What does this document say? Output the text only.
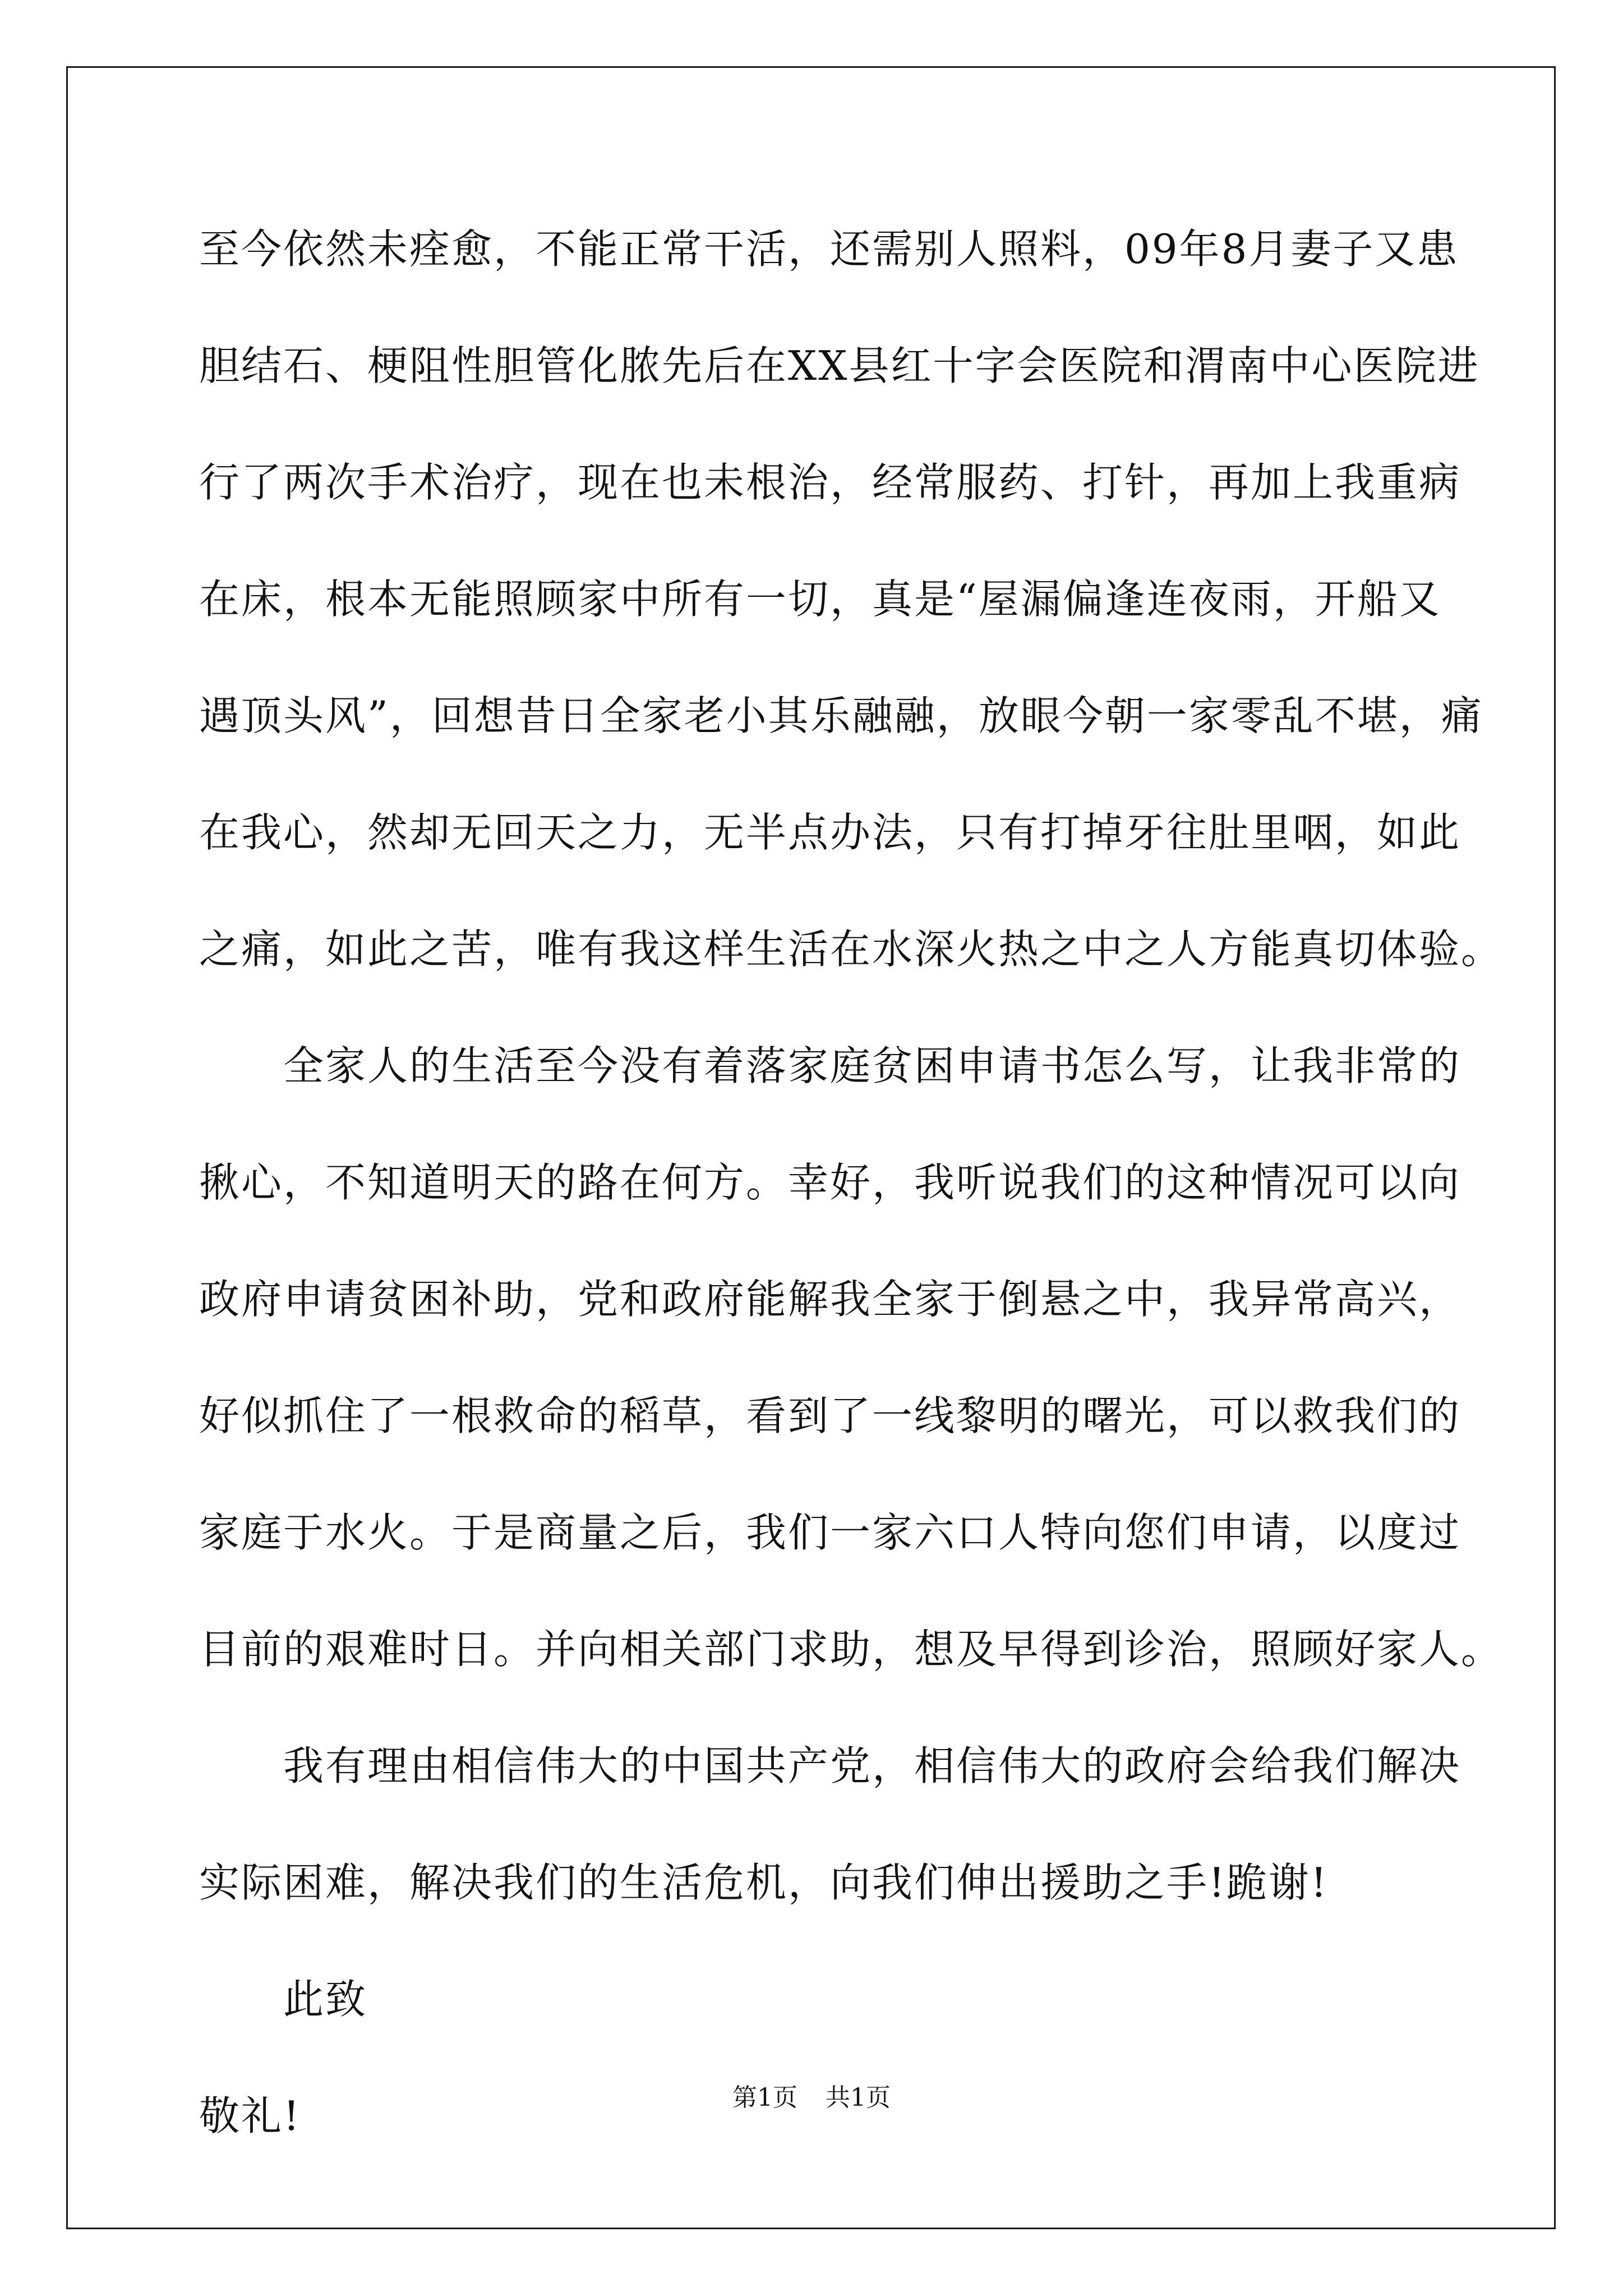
至今依然未痊愈，不能正常干活，还需别人照料，09年8月妻子又患
胆结石、梗阻性胆管化脓先后在XX县红十字会医院和渭南中心医院进
行了两次手术治疗，现在也未根治，经常服药、打针，再加上我重病
在床，根本无能照顾家中所有一切，真是“屋漏偏逢连夜雨，开船又
遇顶头风”，回想昔日全家老小其乐融融，放眼今朝一家零乱不堪，痛
在我心，然却无回天之力，无半点办法，只有打掉牙往肚里咽，如此
之痛，如此之苦，唯有我这样生活在水深火热之中之人方能真切体验。
全家人的生活至今没有着落家庭贫困申请书怎么写，让我非常的
揪心，不知道明天的路在何方。幸好，我听说我们的这种情况可以向
政府申请贫困补助，党和政府能解我全家于倒悬之中，我异常高兴，
好似抓住了一根救命的稻草，看到了一线黎明的曙光，可以救我们的
家庭于水火。于是商量之后，我们一家六口人特向您们申请，以度过
目前的艰难时日。并向相关部门求助，想及早得到诊治，照顾好家人。
我有理由相信伟大的中国共产党，相信伟大的政府会给我们解决
实际困难，解决我们的生活危机，向我们伸出援助之手!跪谢!
此致
敬礼!	第1页 共1页
